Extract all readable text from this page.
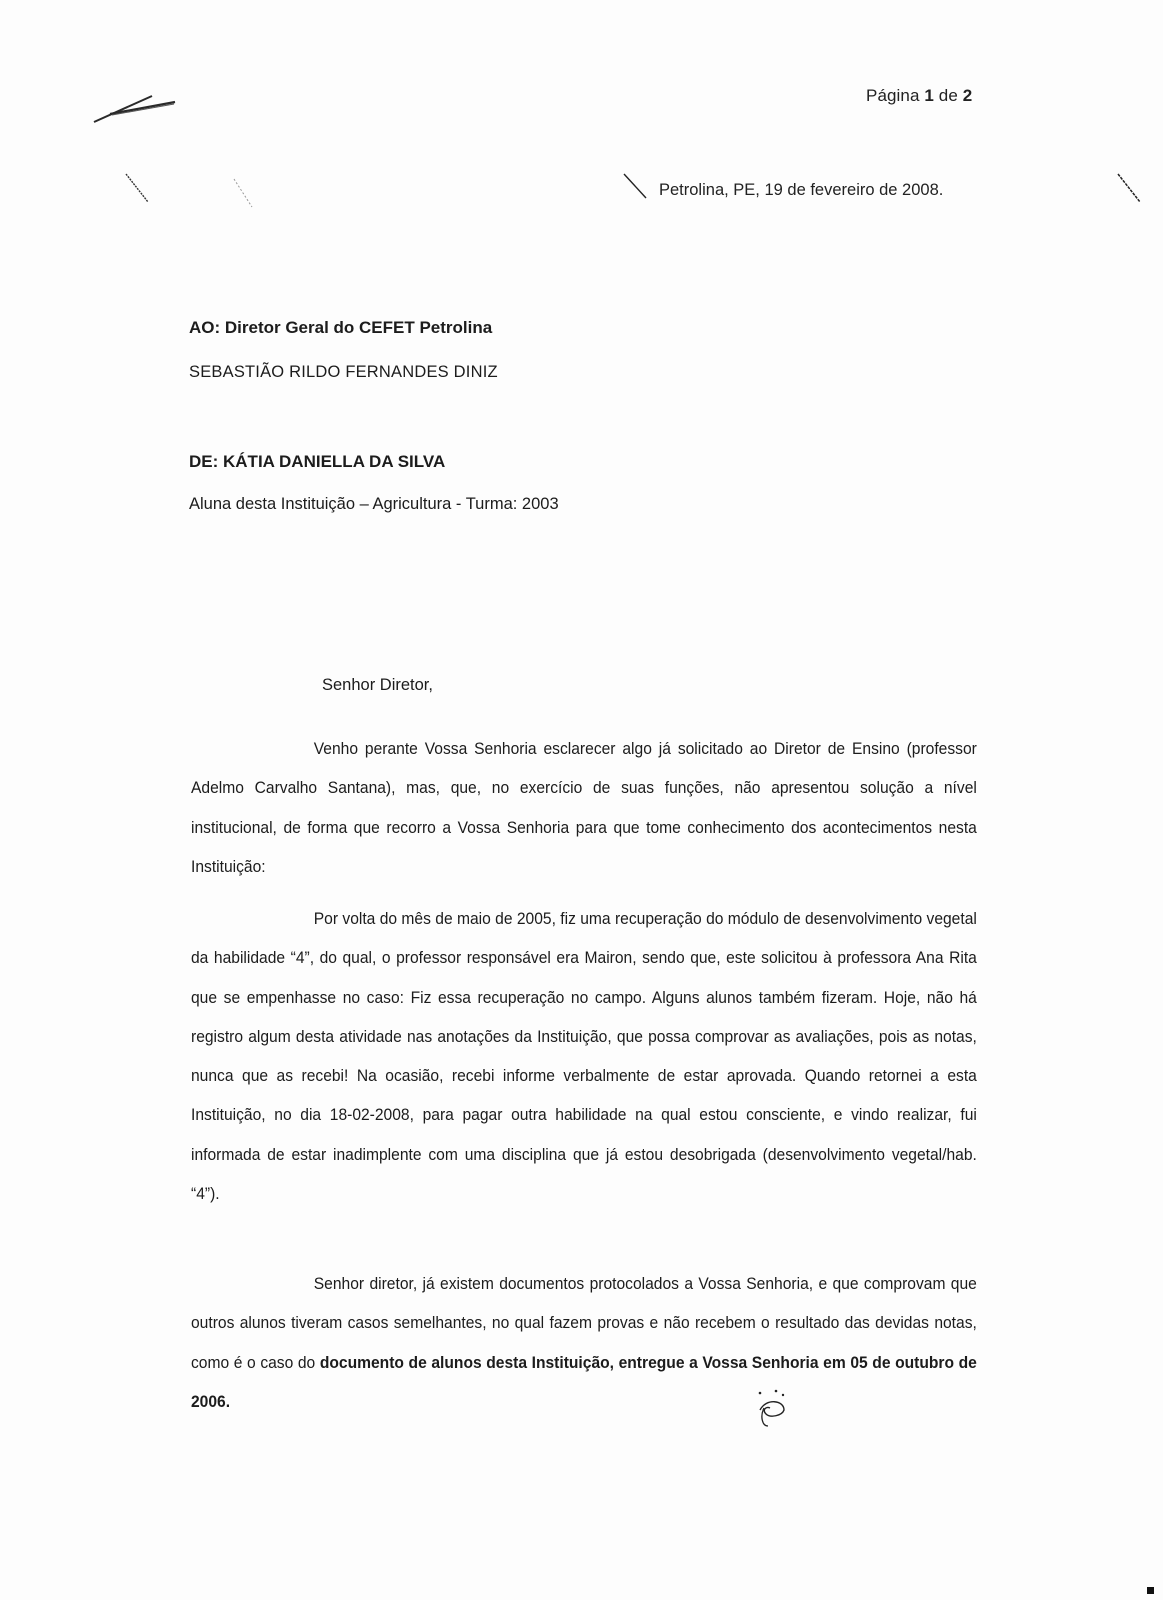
Página 1 de 2
Petrolina, PE, 19 de fevereiro de 2008.
AO: Diretor Geral do CEFET Petrolina
SEBASTIÃO RILDO FERNANDES DINIZ
DE: KÁTIA DANIELLA DA SILVA
Aluna desta Instituição – Agricultura - Turma: 2003
Senhor Diretor,

Venho perante Vossa Senhoria esclarecer algo já solicitado ao Diretor de Ensino (professor Adelmo Carvalho Santana), mas, que, no exercício de suas funções, não apresentou solução a nível institucional, de forma que recorro a Vossa Senhoria para que tome conhecimento dos acontecimentos nesta Instituição:

Por volta do mês de maio de 2005, fiz uma recuperação do módulo de desenvolvimento vegetal da habilidade “4”, do qual, o professor responsável era Mairon, sendo que, este solicitou à professora Ana Rita que se empenhasse no caso: Fiz essa recuperação no campo. Alguns alunos também fizeram. Hoje, não há registro algum desta atividade nas anotações da Instituição, que possa comprovar as avaliações, pois as notas, nunca que as recebi! Na ocasião, recebi informe verbalmente de estar aprovada. Quando retornei a esta Instituição, no dia 18-02-2008, para pagar outra habilidade na qual estou consciente, e vindo realizar, fui informada de estar inadimplente com uma disciplina que já estou desobrigada (desenvolvimento vegetal/hab. “4”).

Senhor diretor, já existem documentos protocolados a Vossa Senhoria, e que comprovam que outros alunos tiveram casos semelhantes, no qual fazem provas e não recebem o resultado das devidas notas, como é o caso do documento de alunos desta Instituição, entregue a Vossa Senhoria em 05 de outubro de 2006.
